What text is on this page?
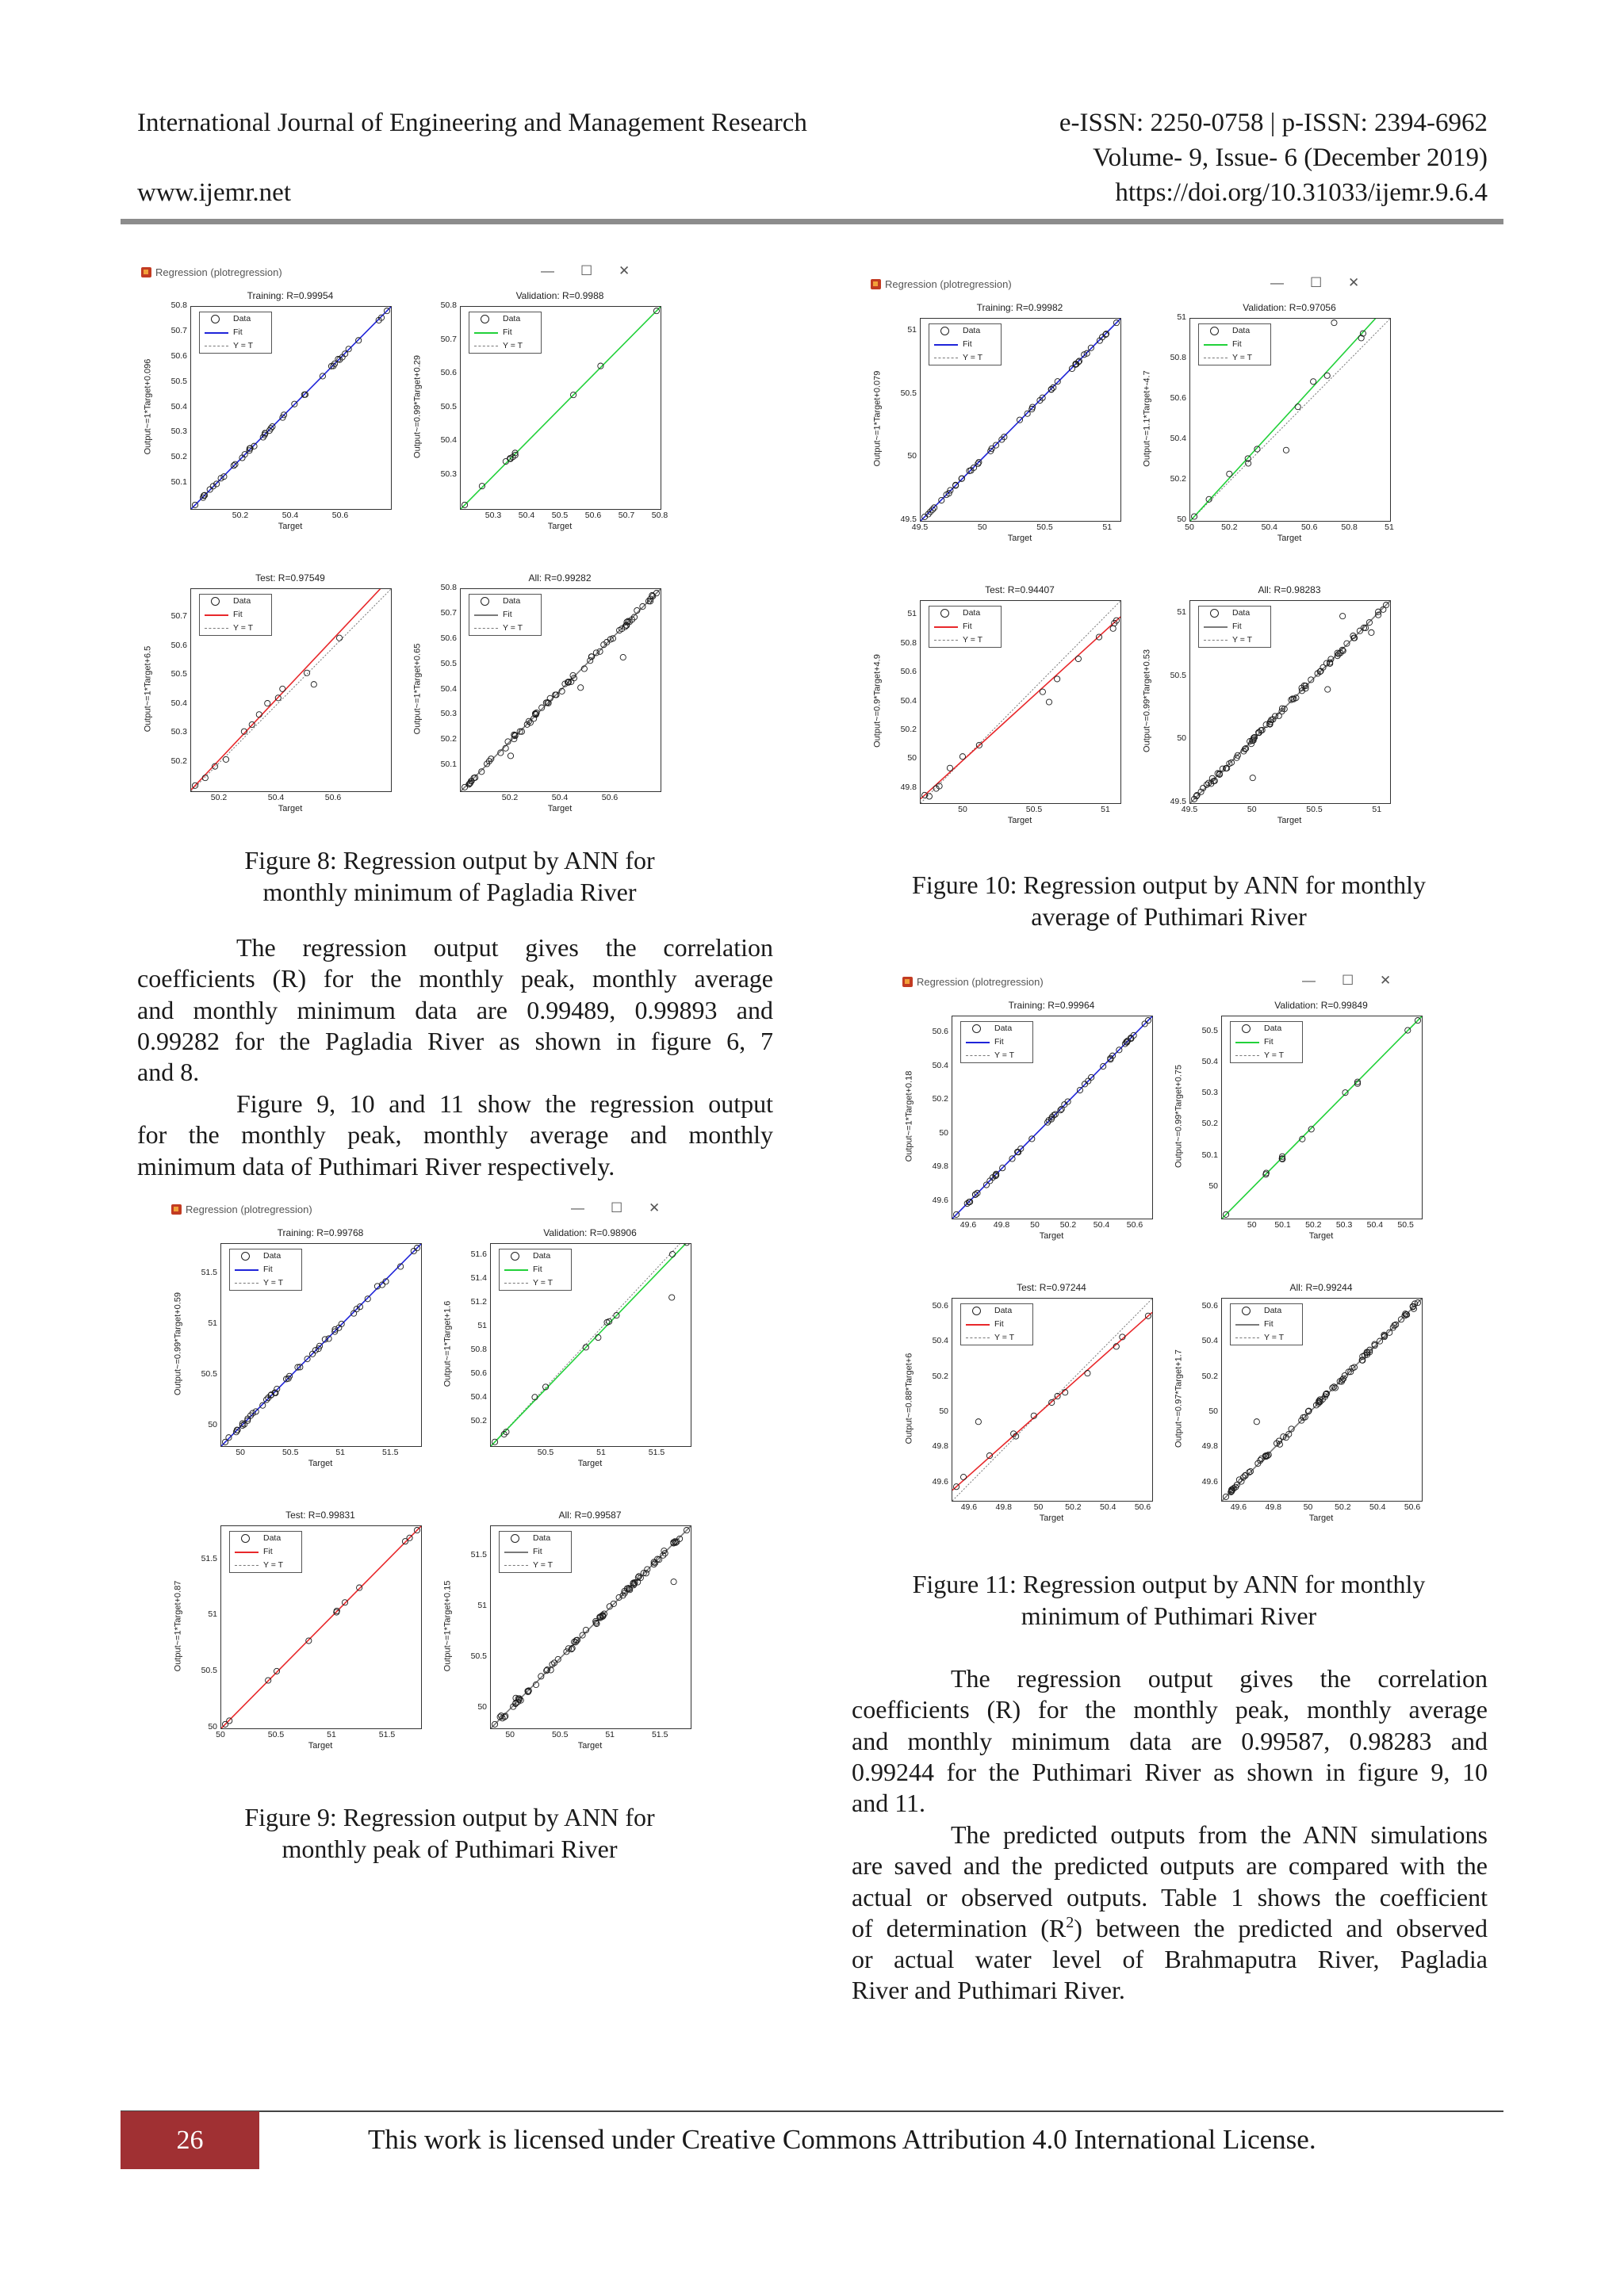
International Journal of Engineering and Management Research	e-ISSN: 2250-0758 | p-ISSN: 2394-6962
Volume- 9, Issue- 6 (December 2019)
www.ijemr.net	https://doi.org/10.31033/ijemr.9.6.4
Regression (plotregression)	— ☐ ✕
Training: R=0.99954
Data
Fit
Y = T
Output~=1*Target+0.096
Target
50.2	50.4	50.6
50.8
50.7
50.6
50.5
50.4
50.3
50.2
50.1
Validation: R=0.9988
Data
Fit
Y = T
Output~=0.99*Target+0.29
Target
50.3	50.4	50.5	50.6	50.7	50.8
50.8
50.7
50.6
50.5
50.4
50.3
Test: R=0.97549
Data
Fit
Y = T
Output~=1*Target+6.5
Target
50.2	50.4	50.6
50.7
50.6
50.5
50.4
50.3
50.2
All: R=0.99282
Data
Fit
Y = T
Output~=1*Target+0.65
Target
50.2	50.4	50.6
50.8
50.7
50.6
50.5
50.4
50.3
50.2
50.1
Figure 8: Regression output by ANN for
monthly minimum of Pagladia River
The regression output gives the correlation
coefficients (R) for the monthly peak, monthly average
and monthly minimum data are 0.99489, 0.99893 and
0.99282 for the Pagladia River as shown in figure 6, 7
and 8.
Figure 9, 10 and 11 show the regression output
for the monthly peak, monthly average and monthly
minimum data of Puthimari River respectively.
Regression (plotregression)	— ☐ ✕
Training: R=0.99768
Data
Fit
Y = T
Output~=0.99*Target+0.59
Target
50	50.5	51	51.5
51.5
51
50.5
50
Validation: R=0.98906
Data
Fit
Y = T
Output~=1*Target+1.6
Target
50.5	51	51.5
51.6
51.4
51.2
51
50.8
50.6
50.4
50.2
Test: R=0.99831
Data
Fit
Y = T
Output~=1*Target+0.87
Target
50	50.5	51	51.5
51.5
51
50.5
50
All: R=0.99587
Data
Fit
Y = T
Output~=1*Target+0.15
Target
50	50.5	51	51.5
51.5
51
50.5
50
Figure 9: Regression output by ANN for
monthly peak of Puthimari River
Regression (plotregression)	— ☐ ✕
Training: R=0.99982
Data
Fit
Y = T
Output~=1*Target+0.079
Target
49.5	50	50.5	51
51
50.5
50
49.5
Validation: R=0.97056
Data
Fit
Y = T
Output~=1.1*Target+-4.7
Target
50	50.2	50.4	50.6	50.8	51
51
50.8
50.6
50.4
50.2
50
Test: R=0.94407
Data
Fit
Y = T
Output~=0.9*Target+4.9
Target
50	50.5	51
51
50.8
50.6
50.4
50.2
50
49.8
All: R=0.98283
Data
Fit
Y = T
Output~=0.99*Target+0.53
Target
49.5	50	50.5	51
51
50.5
50
49.5
Figure 10: Regression output by ANN for monthly
average of Puthimari River
Regression (plotregression)	— ☐ ✕
Training: R=0.99964
Data
Fit
Y = T
Output~=1*Target+0.18
Target
49.6	49.8	50	50.2	50.4	50.6
50.6
50.4
50.2
50
49.8
49.6
Validation: R=0.99849
Data
Fit
Y = T
Output~=0.99*Target+0.75
Target
50	50.1	50.2	50.3	50.4	50.5
50.5
50.4
50.3
50.2
50.1
50
Test: R=0.97244
Data
Fit
Y = T
Output~=0.88*Target+6
Target
49.6	49.8	50	50.2	50.4	50.6
50.6
50.4
50.2
50
49.8
49.6
All: R=0.99244
Data
Fit
Y = T
Output~=0.97*Target+1.7
Target
49.6	49.8	50	50.2	50.4	50.6
50.6
50.4
50.2
50
49.8
49.6
Figure 11: Regression output by ANN for monthly
minimum of Puthimari River
The regression output gives the correlation
coefficients (R) for the monthly peak, monthly average
and monthly minimum data are 0.99587, 0.98283 and
0.99244 for the Puthimari River as shown in figure 9, 10
and 11.
The predicted outputs from the ANN simulations
are saved and the predicted outputs are compared with the
actual or observed outputs. Table 1 shows the coefficient
of determination $(R^2)$ between the predicted and observed
or actual water level of Brahmaputra River, Pagladia
River and Puthimari River.
26	This work is licensed under Creative Commons Attribution 4.0 International License.
